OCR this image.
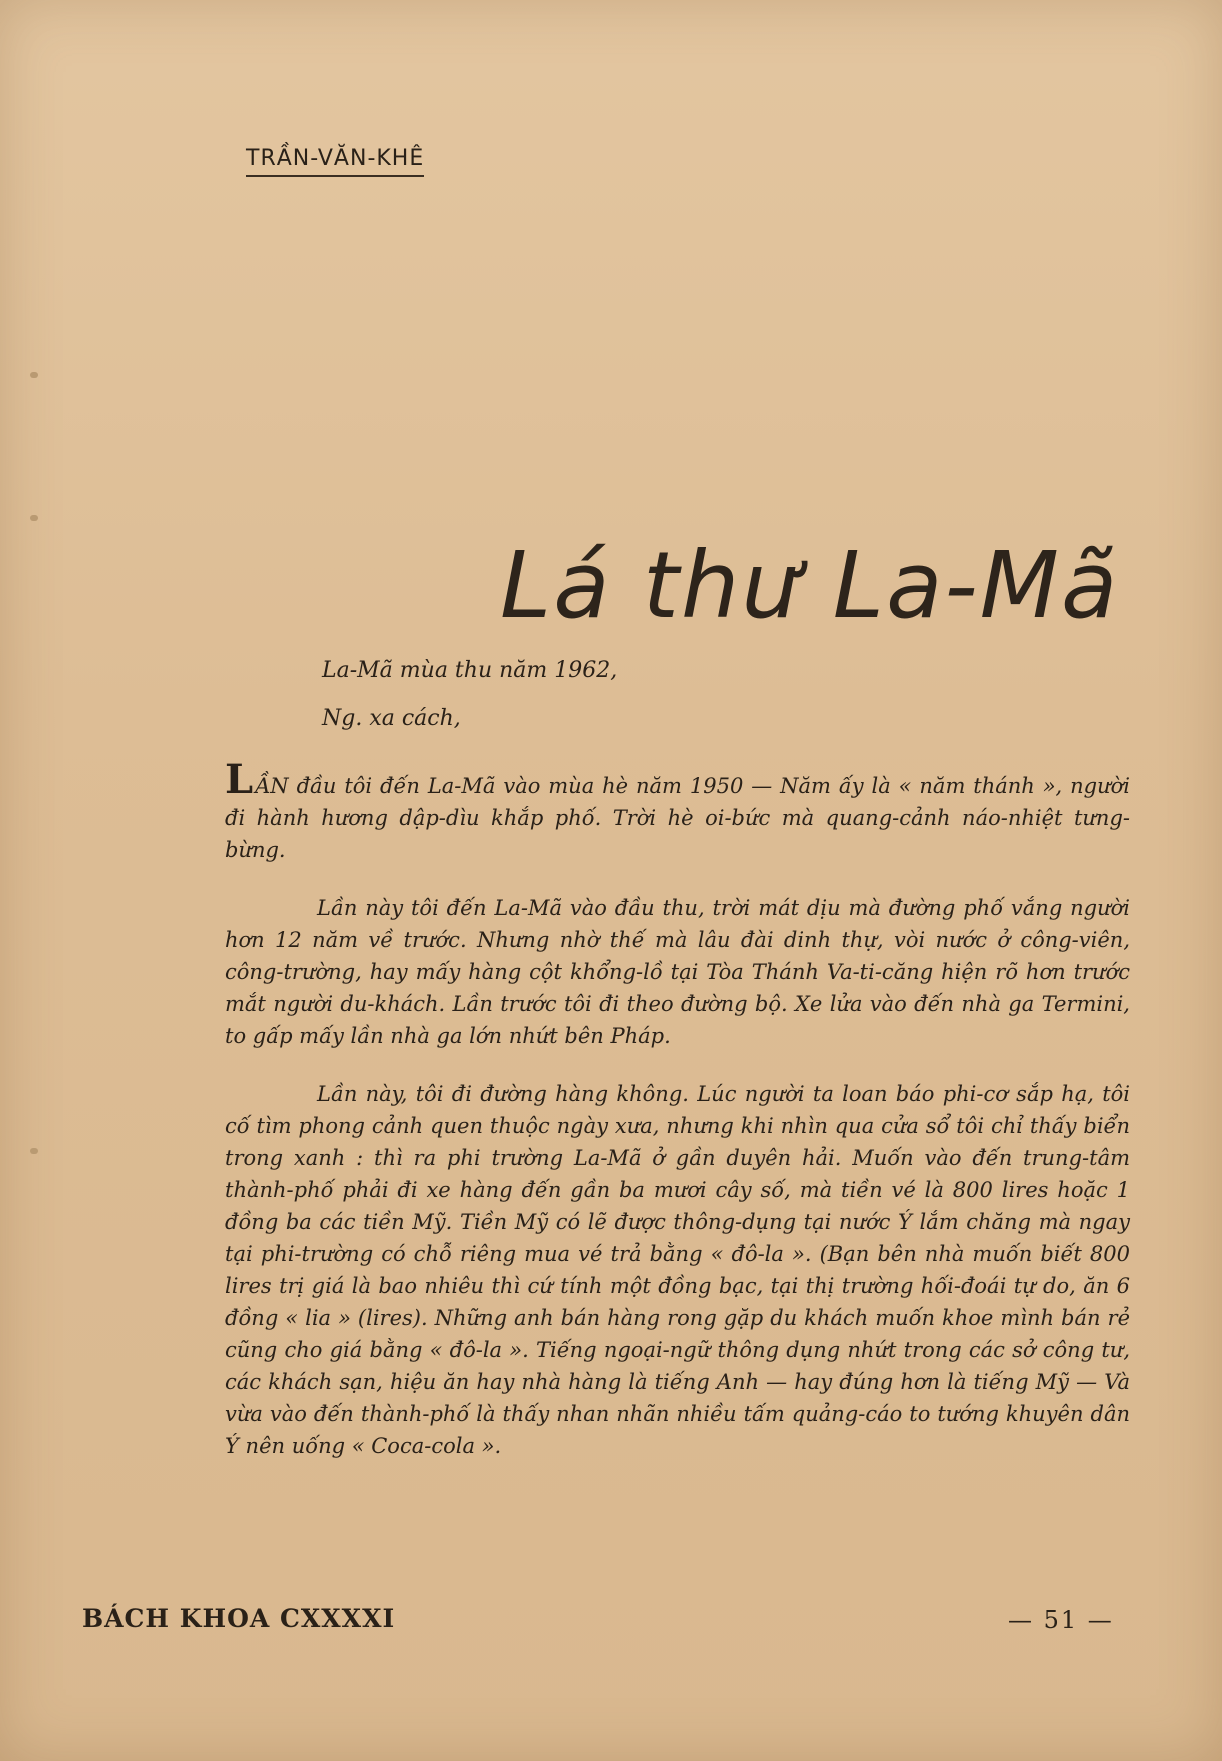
TRẦN-VĂN-KHÊ
Lá thư La-Mã
La-Mã mùa thu năm 1962,
Ng. xa cách,

LẦN đầu tôi đến La-Mã vào mùa hè năm 1950 — Năm ấy là « năm thánh », người đi hành hương dập-dìu khắp phố. Trời hè oi-bức mà quang-cảnh náo-nhiệt tưng-bừng.

Lần này tôi đến La-Mã vào đầu thu, trời mát dịu mà đường phố vắng người hơn 12 năm về trước. Nhưng nhờ thế mà lâu đài dinh thự, vòi nước ở công-viên, công-trường, hay mấy hàng cột khổng-lồ tại Tòa Thánh Va-ti-căng hiện rõ hơn trước mắt người du-khách. Lần trước tôi đi theo đường bộ. Xe lửa vào đến nhà ga Termini, to gấp mấy lần nhà ga lớn nhứt bên Pháp.

Lần này, tôi đi đường hàng không. Lúc người ta loan báo phi-cơ sắp hạ, tôi cố tìm phong cảnh quen thuộc ngày xưa, nhưng khi nhìn qua cửa sổ tôi chỉ thấy biển trong xanh : thì ra phi trường La-Mã ở gần duyên hải. Muốn vào đến trung-tâm thành-phố phải đi xe hàng đến gần ba mươi cây số, mà tiền vé là 800 lires hoặc 1 đồng ba các tiền Mỹ. Tiền Mỹ có lẽ được thông-dụng tại nước Ý lắm chăng mà ngay tại phi-trường có chỗ riêng mua vé trả bằng « đô-la ». (Bạn bên nhà muốn biết 800 lires trị giá là bao nhiêu thì cứ tính một đồng bạc, tại thị trường hối-đoái tự do, ăn 6 đồng « lia » (lires). Những anh bán hàng rong gặp du khách muốn khoe mình bán rẻ cũng cho giá bằng « đô-la ». Tiếng ngoại-ngữ thông dụng nhứt trong các sở công tư, các khách sạn, hiệu ăn hay nhà hàng là tiếng Anh — hay đúng hơn là tiếng Mỹ — Và vừa vào đến thành-phố là thấy nhan nhãn nhiều tấm quảng-cáo to tướng khuyên dân Ý nên uống « Coca-cola ».

BÁCH KHOA CXXXXI	— 51 —
